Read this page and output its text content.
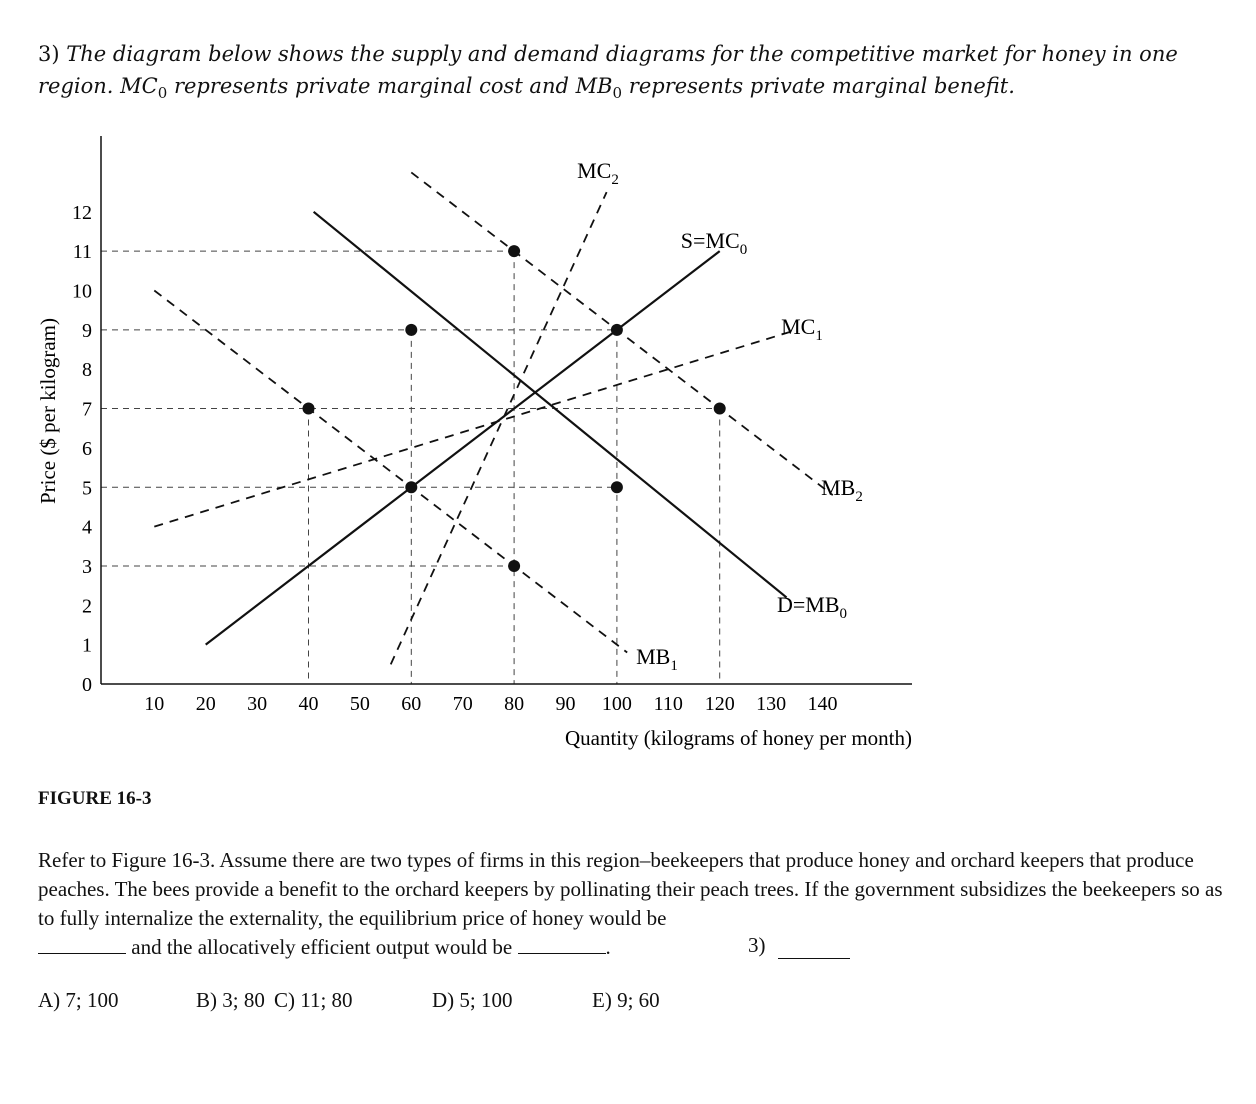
3) The diagram below shows the supply and demand diagrams for the competitive market for honey in one region. $MC_0$ represents private marginal cost and $MB_0$ represents private marginal benefit.
0
1
2
3
4
5
6
7
8
9
10
11
12
10 20 30 40 50 60 70 80 90 100 110 120 130 140
Price ($ per kilogram)
Quantity (kilograms of honey per month)
$S=MC_0$
$D=MB_0$
$MC_1$
$MC_2$
$MB_1$
$MB_2$
FIGURE 16-3
Refer to Figure 16-3. Assume there are two types of firms in this region–beekeepers that produce honey and orchard keepers that produce peaches. The bees provide a benefit to the orchard keepers by pollinating their peach trees. If the government subsidizes the beekeepers so as to fully internalize the externality, the equilibrium price of honey would be
and the allocatively efficient output would be	.	3)
A) 7; 100	B) 3; 80 C) 11; 80	D) 5; 100	E) 9; 60
